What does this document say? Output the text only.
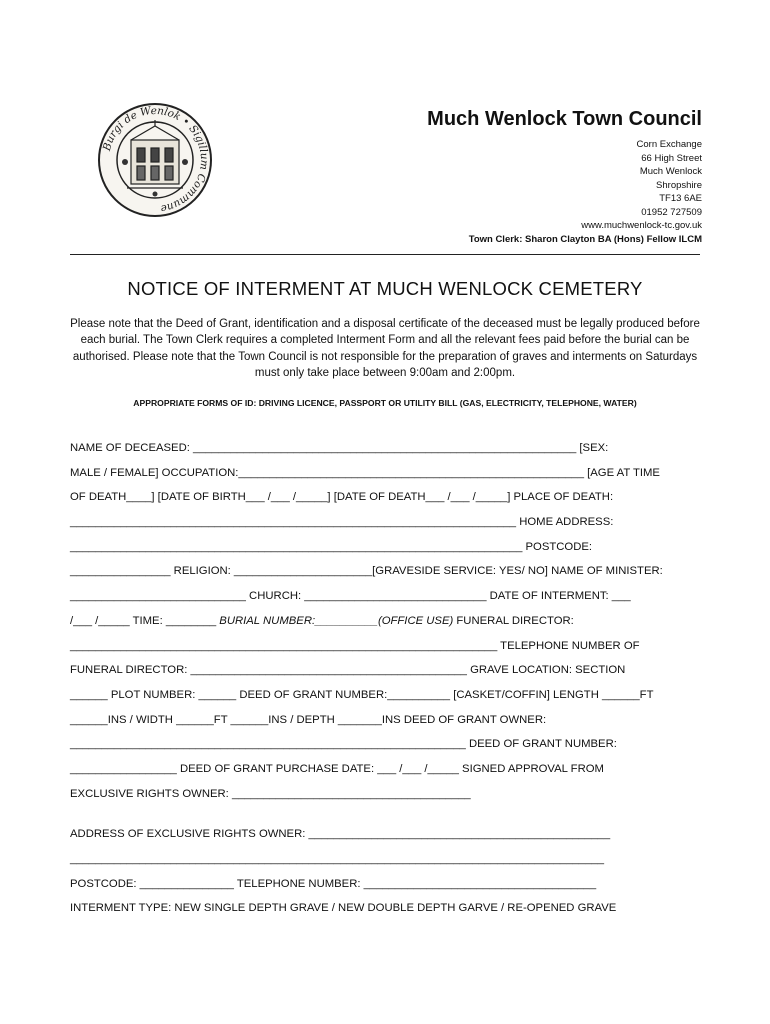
Burgi de Wenlok • Sigillum Commune
Much Wenlock Town Council
Corn Exchange
66 High Street
Much Wenlock
Shropshire
TF13 6AE
01952 727509
www.muchwenlock-tc.gov.uk
Town Clerk: Sharon Clayton BA (Hons) Fellow ILCM
NOTICE OF INTERMENT AT MUCH WENLOCK CEMETERY
Please note that the Deed of Grant, identification and a disposal certificate of the deceased must be legally produced before each burial. The Town Clerk requires a completed Interment Form and all the relevant fees paid before the burial can be authorised. Please note that the Town Council is not responsible for the preparation of graves and interments on Saturdays must only take place between 9:00am and 2:00pm.
APPROPRIATE FORMS OF ID: DRIVING LICENCE, PASSPORT OR UTILITY BILL (GAS, ELECTRICITY, TELEPHONE, WATER)
NAME OF DECEASED: _____________________________________________________________ [SEX:
MALE / FEMALE] OCCUPATION:_______________________________________________________ [AGE AT TIME
OF DEATH____] [DATE OF BIRTH___ /___ /_____] [DATE OF DEATH___ /___ /_____] PLACE OF DEATH:
_______________________________________________________________________ HOME ADDRESS:
________________________________________________________________________ POSTCODE:
________________ RELIGION: ______________________[GRAVESIDE SERVICE: YES/ NO] NAME OF MINISTER:
____________________________ CHURCH: _____________________________ DATE OF INTERMENT: ___
/___ /_____ TIME: ________ BURIAL NUMBER:__________(OFFICE USE) FUNERAL DIRECTOR:
____________________________________________________________________ TELEPHONE NUMBER OF
FUNERAL DIRECTOR: ____________________________________________ GRAVE LOCATION: SECTION
______ PLOT NUMBER: ______ DEED OF GRANT NUMBER:__________ [CASKET/COFFIN] LENGTH ______FT
______INS / WIDTH ______FT ______INS / DEPTH _______INS DEED OF GRANT OWNER:
_______________________________________________________________ DEED OF GRANT NUMBER:
_________________ DEED OF GRANT PURCHASE DATE: ___ /___ /_____ SIGNED APPROVAL FROM
EXCLUSIVE RIGHTS OWNER: ______________________________________
ADDRESS OF EXCLUSIVE RIGHTS OWNER: ________________________________________________
_____________________________________________________________________________________
POSTCODE: _______________ TELEPHONE NUMBER: _____________________________________
INTERMENT TYPE: NEW SINGLE DEPTH GRAVE / NEW DOUBLE DEPTH GARVE / RE-OPENED GRAVE
